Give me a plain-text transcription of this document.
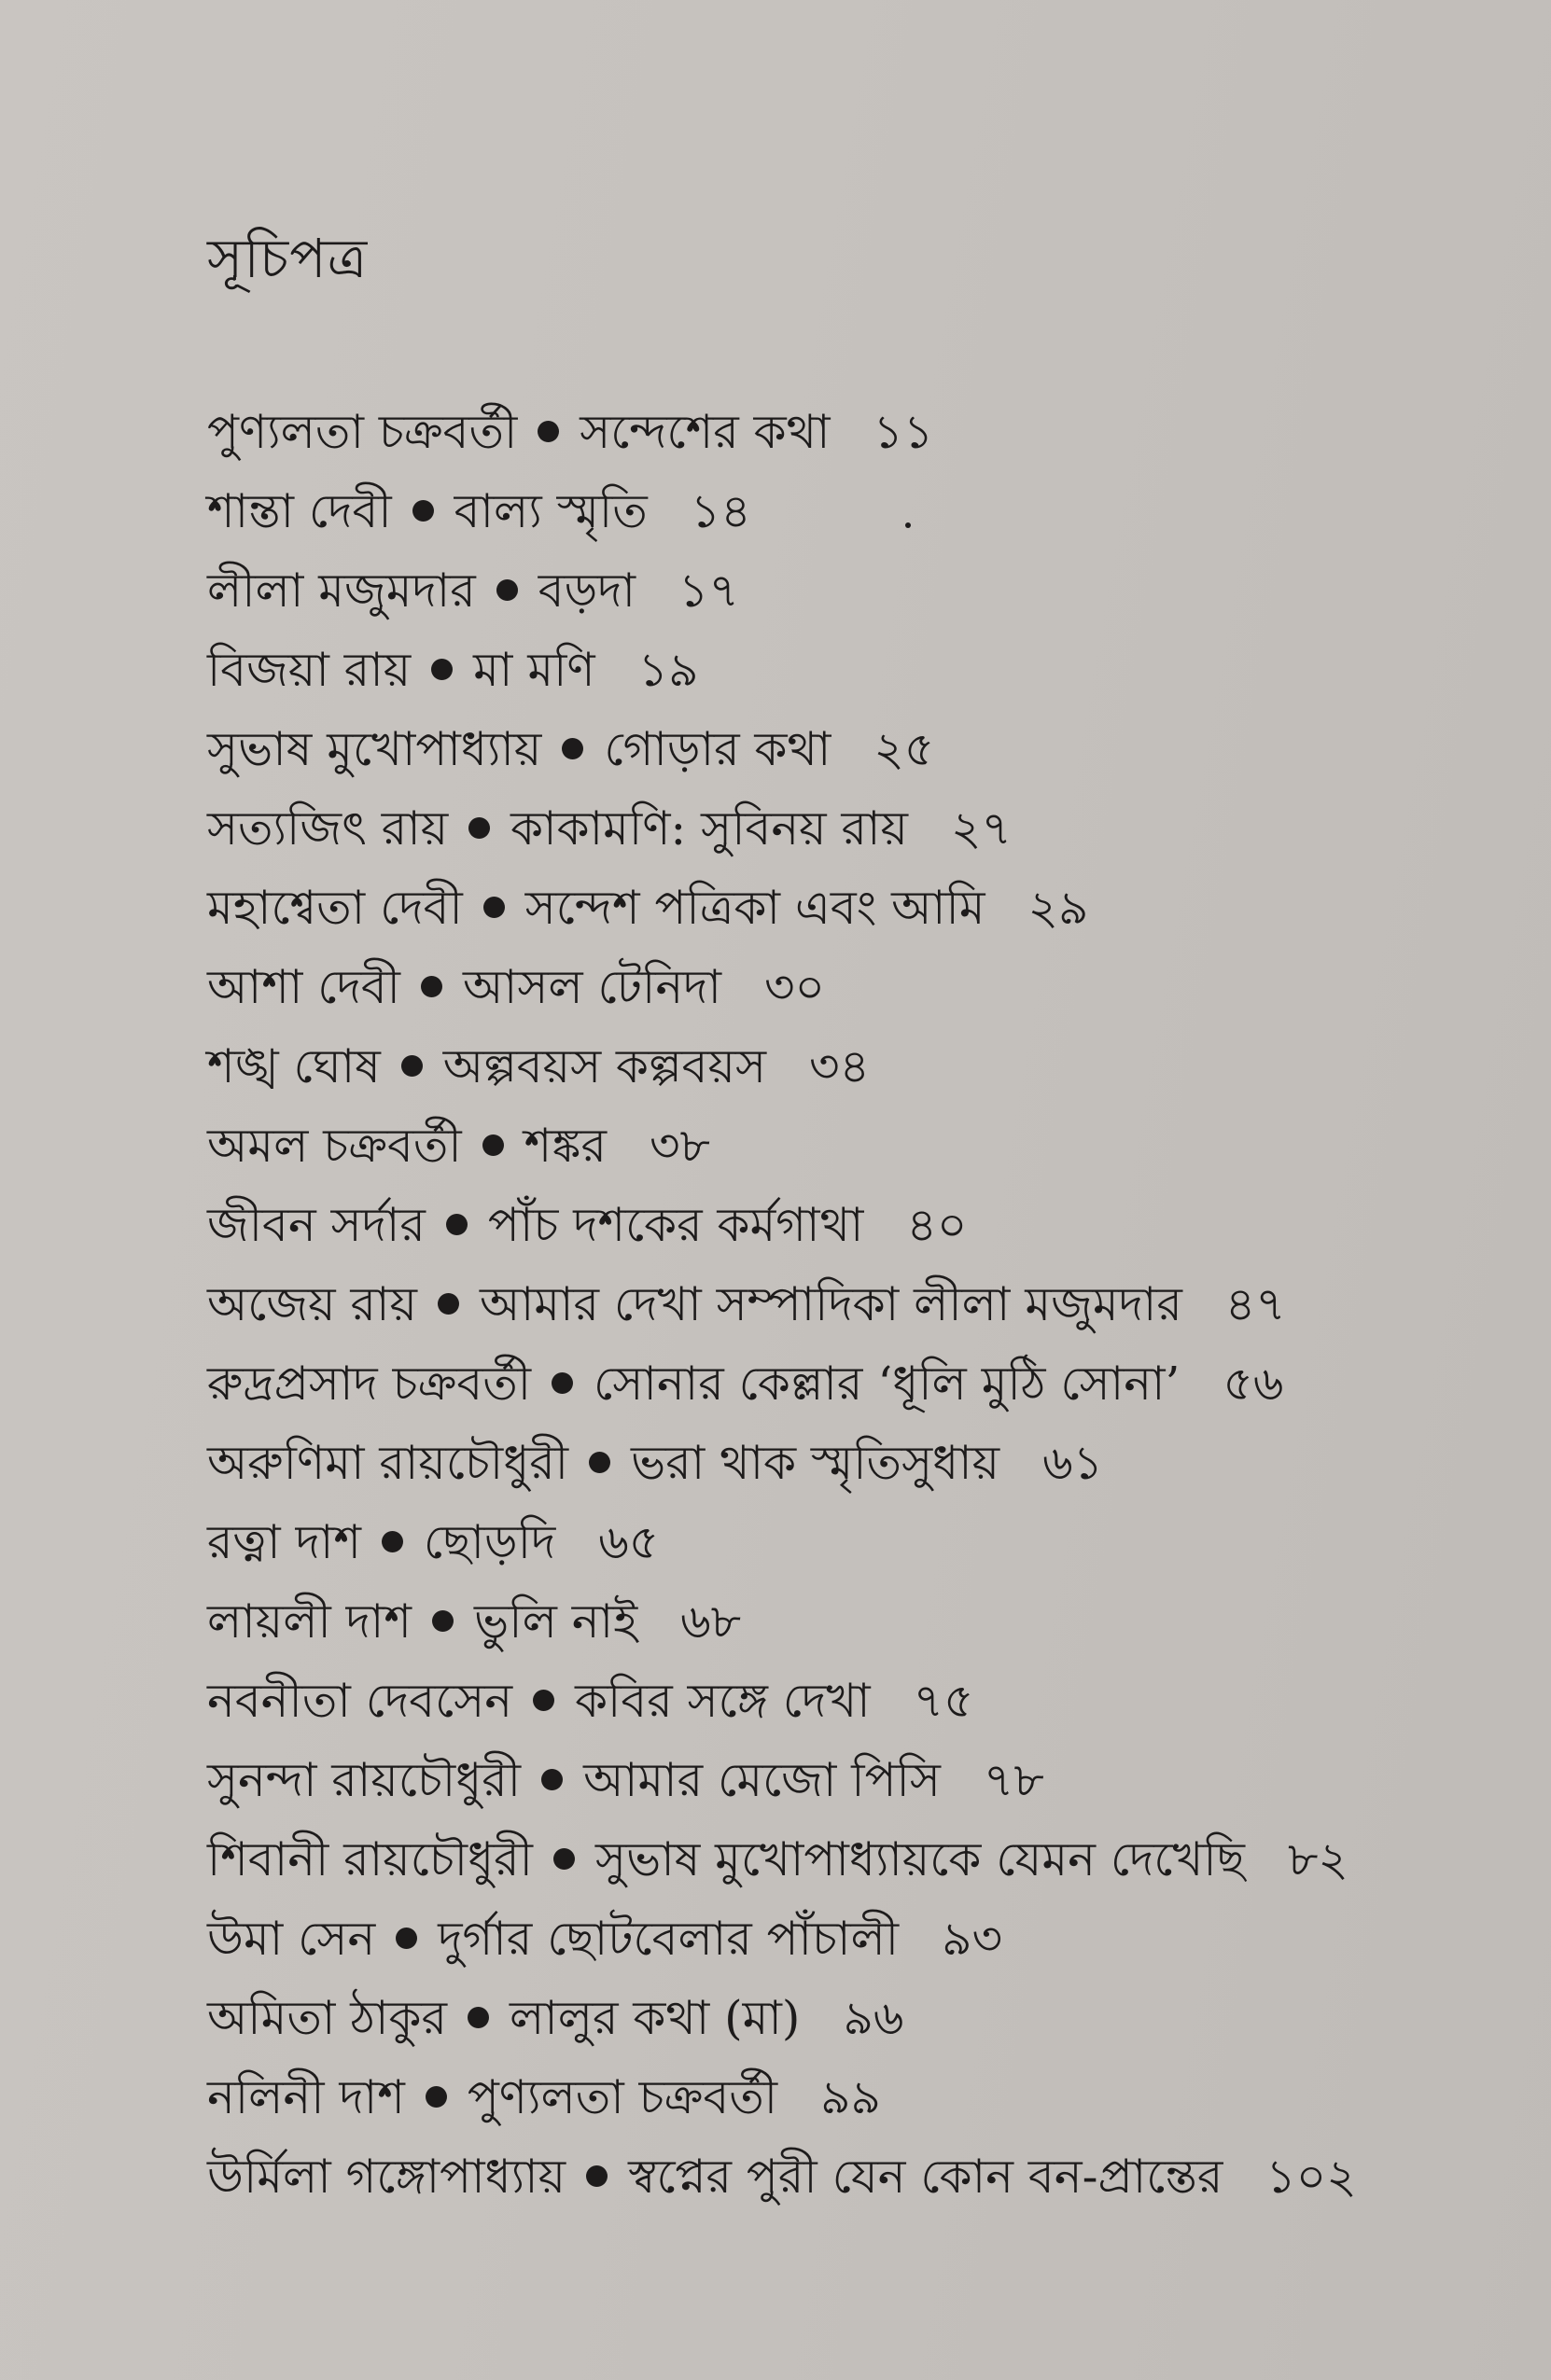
সূচিপত্র
পুণ্যলতা চক্রবর্তী সন্দেশের কথা ১১
শান্তা দেবী বাল্য স্মৃতি ১৪
লীলা মজুমদার বড়দা ১৭
বিজয়া রায় মা মণি ১৯
সুভাষ মুখোপাধ্যায় গোড়ার কথা ২৫
সত্যজিৎ রায় কাকামণি: সুবিনয় রায় ২৭
মহাশ্বেতা দেবী সন্দেশ পত্রিকা এবং আমি ২৯
আশা দেবী আসল টেনিদা ৩০
শঙ্খ ঘোষ অল্পবয়স কল্পবয়স ৩৪
অমল চক্রবর্তী শঙ্কর ৩৮
জীবন সর্দার পাঁচ দশকের কর্মগাথা ৪০
অজেয় রায় আমার দেখা সম্পাদিকা লীলা মজুমদার ৪৭
রুদ্রপ্রসাদ চক্রবর্তী সোনার কেল্লার ‘ধূলি মুঠি সোনা’ ৫৬
অরুণিমা রায়চৌধুরী ভরা থাক স্মৃতিসুধায় ৬১
রত্না দাশ ছোড়দি ৬৫
লায়লী দাশ ভুলি নাই ৬৮
নবনীতা দেবসেন কবির সঙ্গে দেখা ৭৫
সুনন্দা রায়চৌধুরী আমার মেজো পিসি ৭৮
শিবানী রায়চৌধুরী সুভাষ মুখোপাধ্যায়কে যেমন দেখেছি ৮২
উমা সেন দুর্গার ছোটবেলার পাঁচালী ৯৩
অমিতা ঠাকুর লালুর কথা (মা) ৯৬
নলিনী দাশ পুণ্যলতা চক্রবর্তী ৯৯
উর্মিলা গঙ্গোপাধ্যায় স্বপ্নের পুরী যেন কোন বন-প্রান্তের ১০২
